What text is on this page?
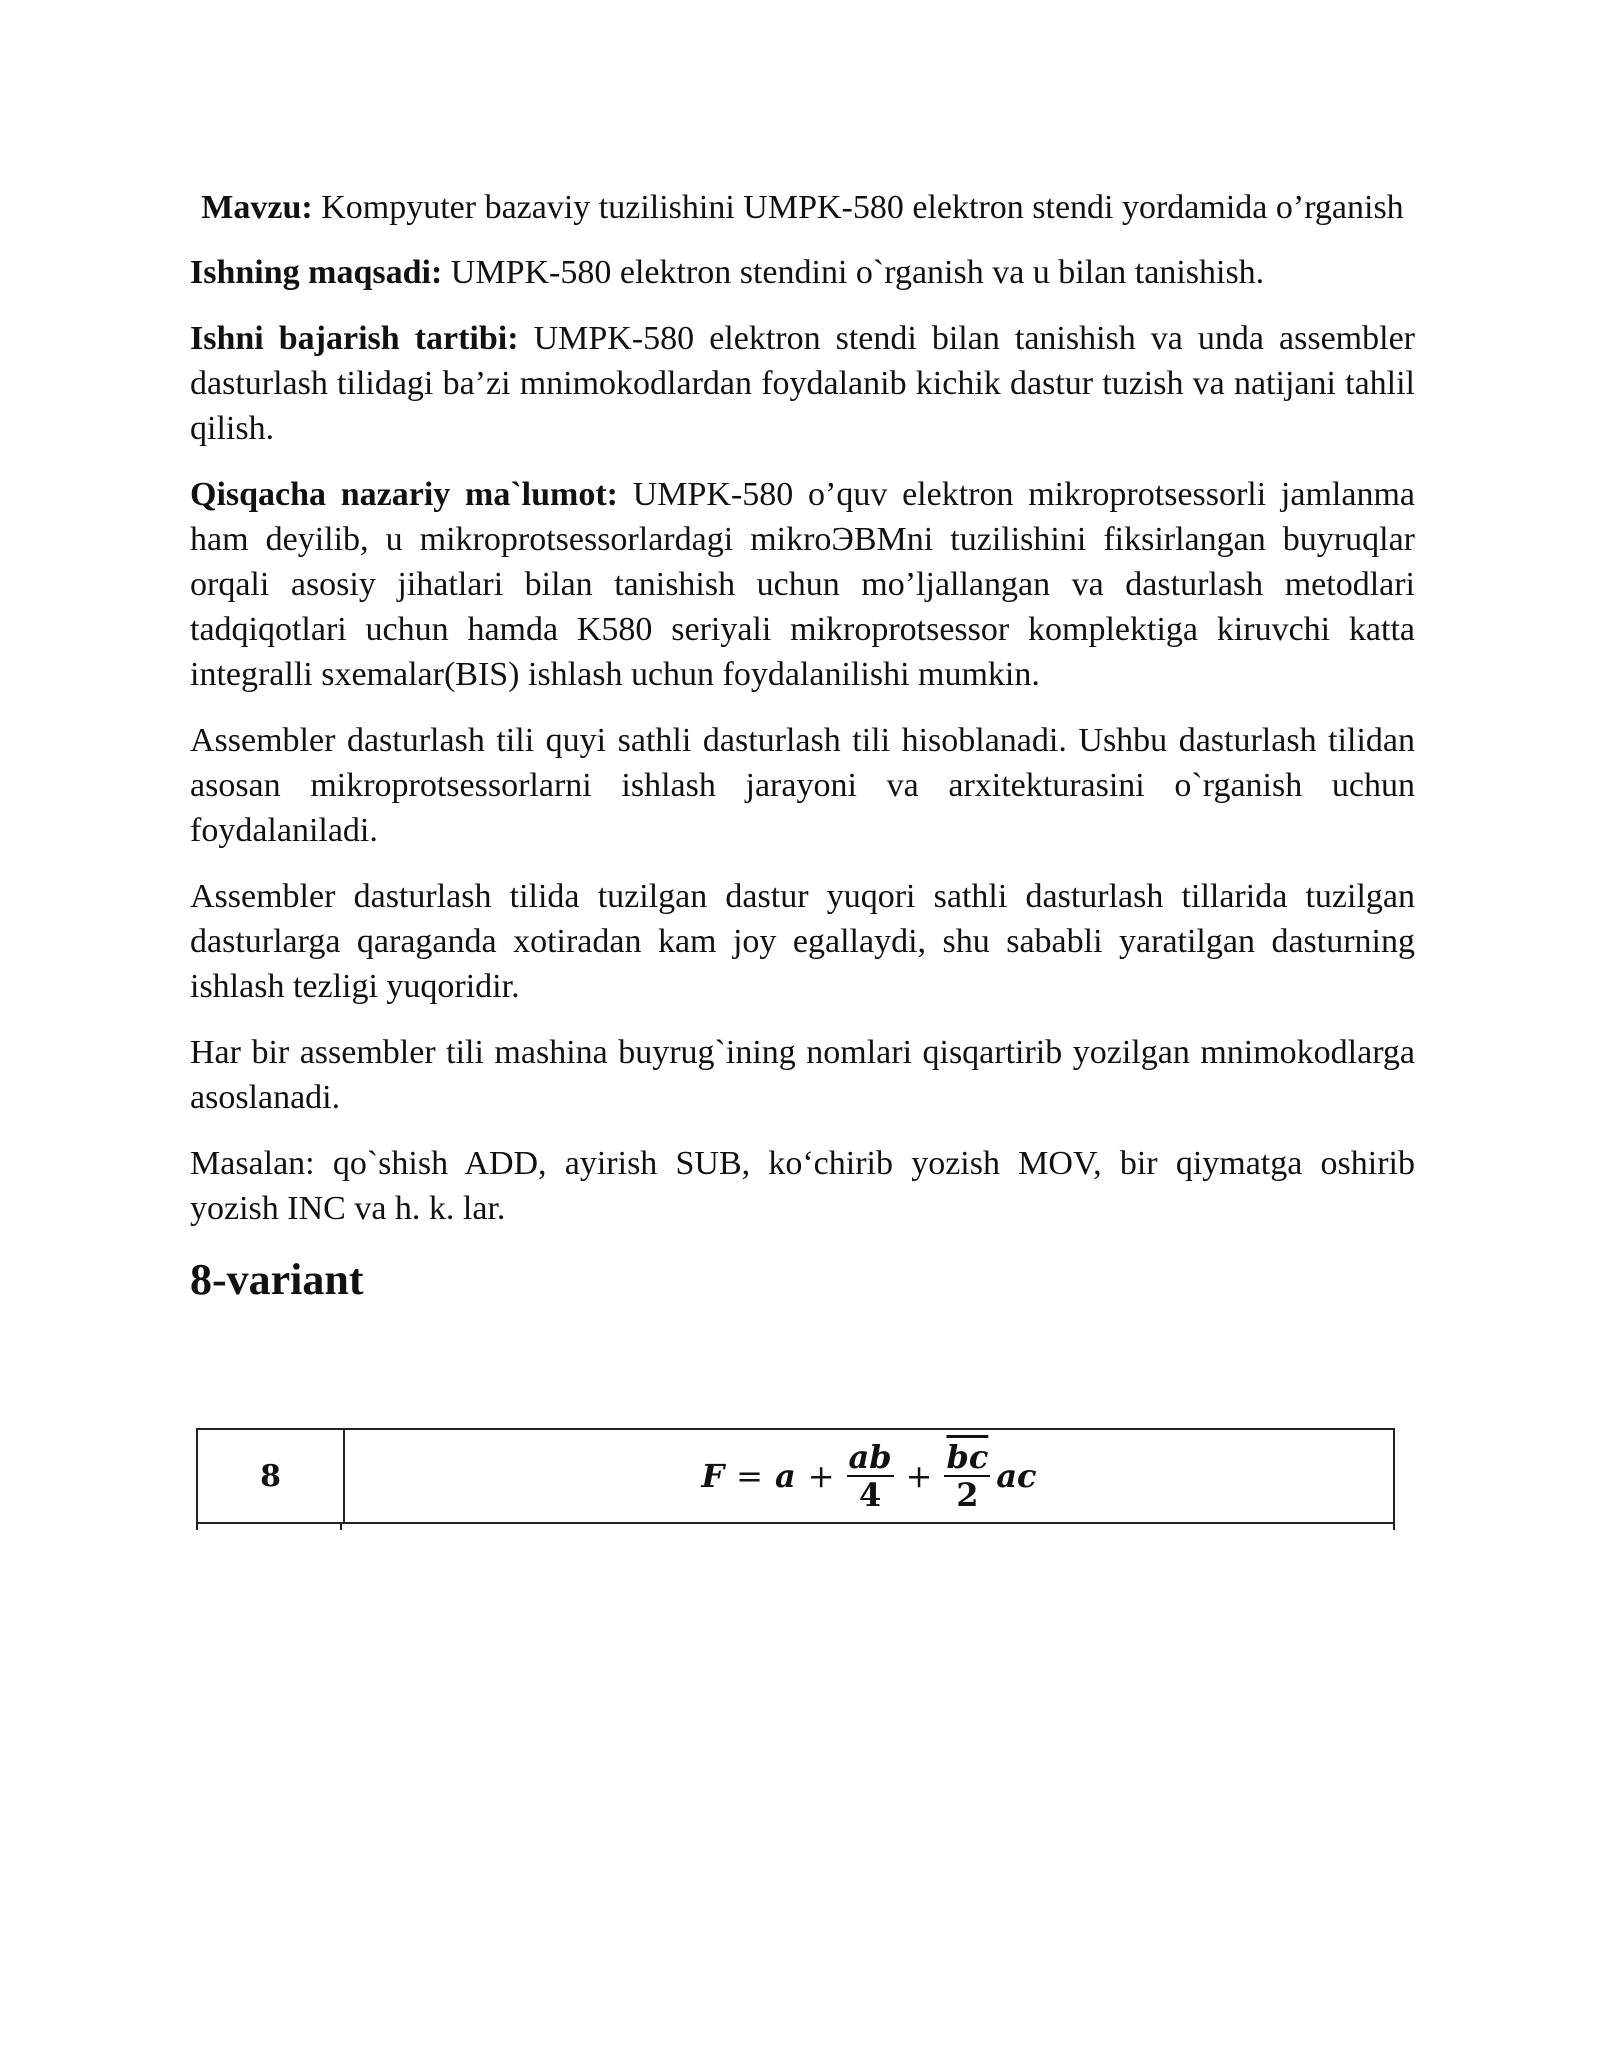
Mavzu: Kompyuter bazaviy tuzilishini UMPK-580 elektron stendi yordamida o’rganish

Ishning maqsadi: UMPK-580 elektron stendini o`rganish va u bilan tanishish.

Ishni bajarish tartibi: UMPK-580 elektron stendi bilan tanishish va unda assembler dasturlash tilidagi ba’zi mnimokodlardan foydalanib kichik dastur tuzish va natijani tahlil qilish.

Qisqacha nazariy ma`lumot: UMPK-580 o’quv elektron mikroprotsessorli jamlanma ham deyilib, u mikroprotsessorlardagi mikroЭВMni tuzilishini fiksirlangan buyruqlar orqali asosiy jihatlari bilan tanishish uchun mo’ljallangan va dasturlash metodlari tadqiqotlari uchun hamda K580 seriyali mikroprotsessor komplektiga kiruvchi katta integralli sxemalar(BIS) ishlash uchun foydalanilishi mumkin.

Assembler dasturlash tili quyi sathli dasturlash tili hisoblanadi. Ushbu dasturlash tilidan asosan mikroprotsessorlarni ishlash jarayoni va arxitekturasini o`rganish uchun foydalaniladi.

Assembler dasturlash tilida tuzilgan dastur yuqori sathli dasturlash tillarida tuzilgan dasturlarga qaraganda xotiradan kam joy egallaydi, shu sababli yaratilgan dasturning ishlash tezligi yuqoridir.

Har bir assembler tili mashina buyrug`ining nomlari qisqartirib yozilgan mnimokodlarga asoslanadi.

Masalan: qo`shish ADD, ayirish SUB, ko‘chirib yozish MOV, bir qiymatga oshirib yozish INC va h. k. lar.

8-variant
8	$F = a + \frac{ab}{4} + \frac{\overline{bc}}{2}$ ac
